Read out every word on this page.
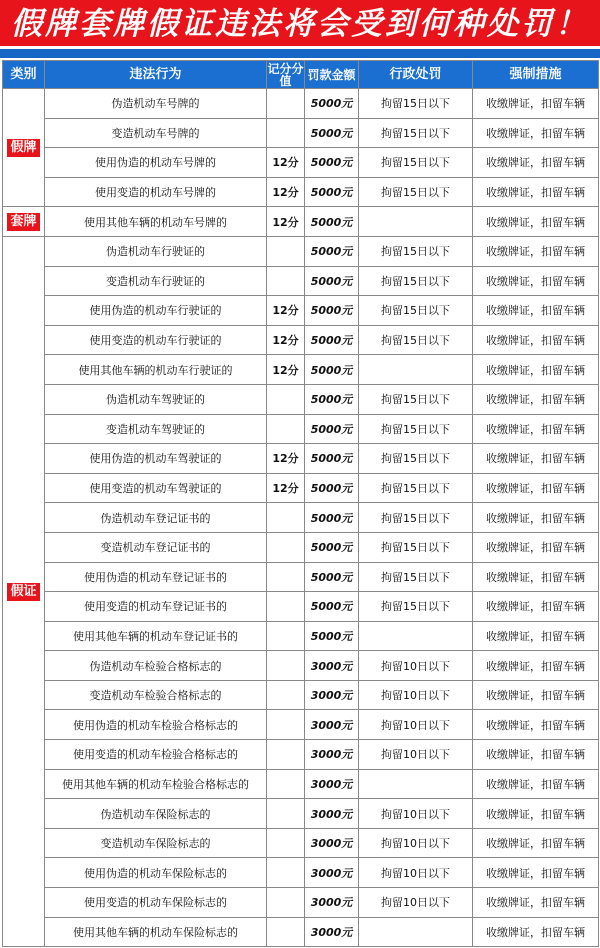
假牌套牌假证违法将会受到何种处罚！
类别	违法行为	记分分值	罚款金额	行政处罚	强制措施
假牌	伪造机动车号牌的		5000元	拘留15日以下	收缴牌证，扣留车辆
	变造机动车号牌的		5000元	拘留15日以下	收缴牌证，扣留车辆
	使用伪造的机动车号牌的	12分	5000元	拘留15日以下	收缴牌证，扣留车辆
	使用变造的机动车号牌的	12分	5000元	拘留15日以下	收缴牌证，扣留车辆
套牌	使用其他车辆的机动车号牌的	12分	5000元		收缴牌证，扣留车辆
假证	伪造机动车行驶证的		5000元	拘留15日以下	收缴牌证，扣留车辆
	变造机动车行驶证的		5000元	拘留15日以下	收缴牌证，扣留车辆
	使用伪造的机动车行驶证的	12分	5000元	拘留15日以下	收缴牌证，扣留车辆
	使用变造的机动车行驶证的	12分	5000元	拘留15日以下	收缴牌证，扣留车辆
	使用其他车辆的机动车行驶证的	12分	5000元		收缴牌证，扣留车辆
	伪造机动车驾驶证的		5000元	拘留15日以下	收缴牌证，扣留车辆
	变造机动车驾驶证的		5000元	拘留15日以下	收缴牌证，扣留车辆
	使用伪造的机动车驾驶证的	12分	5000元	拘留15日以下	收缴牌证，扣留车辆
	使用变造的机动车驾驶证的	12分	5000元	拘留15日以下	收缴牌证，扣留车辆
	伪造机动车登记证书的		5000元	拘留15日以下	收缴牌证，扣留车辆
	变造机动车登记证书的		5000元	拘留15日以下	收缴牌证，扣留车辆
	使用伪造的机动车登记证书的		5000元	拘留15日以下	收缴牌证，扣留车辆
	使用变造的机动车登记证书的		5000元	拘留15日以下	收缴牌证，扣留车辆
	使用其他车辆的机动车登记证书的		5000元		收缴牌证，扣留车辆
	伪造机动车检验合格标志的		3000元	拘留10日以下	收缴牌证，扣留车辆
	变造机动车检验合格标志的		3000元	拘留10日以下	收缴牌证，扣留车辆
	使用伪造的机动车检验合格标志的		3000元	拘留10日以下	收缴牌证，扣留车辆
	使用变造的机动车检验合格标志的		3000元	拘留10日以下	收缴牌证，扣留车辆
	使用其他车辆的机动车检验合格标志的		3000元		收缴牌证，扣留车辆
	伪造机动车保险标志的		3000元	拘留10日以下	收缴牌证，扣留车辆
	变造机动车保险标志的		3000元	拘留10日以下	收缴牌证，扣留车辆
	使用伪造的机动车保险标志的		3000元	拘留10日以下	收缴牌证，扣留车辆
	使用变造的机动车保险标志的		3000元	拘留10日以下	收缴牌证，扣留车辆
	使用其他车辆的机动车保险标志的		3000元		收缴牌证，扣留车辆
